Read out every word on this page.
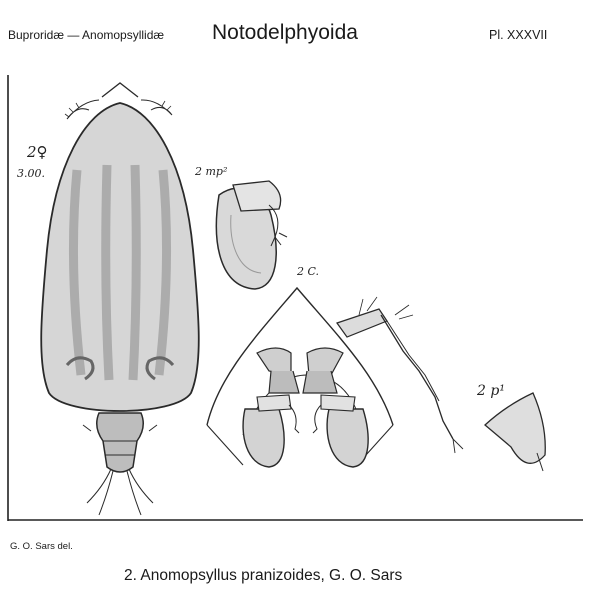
Buproridæ — Anomopsyllidæ Notodelphyoida	Pl. XXXVII
2♀
3.00.	2 mp²
2 C.
2 p¹
G. O. Sars del.
2. Anomopsyllus pranizoides, G. O. Sars
